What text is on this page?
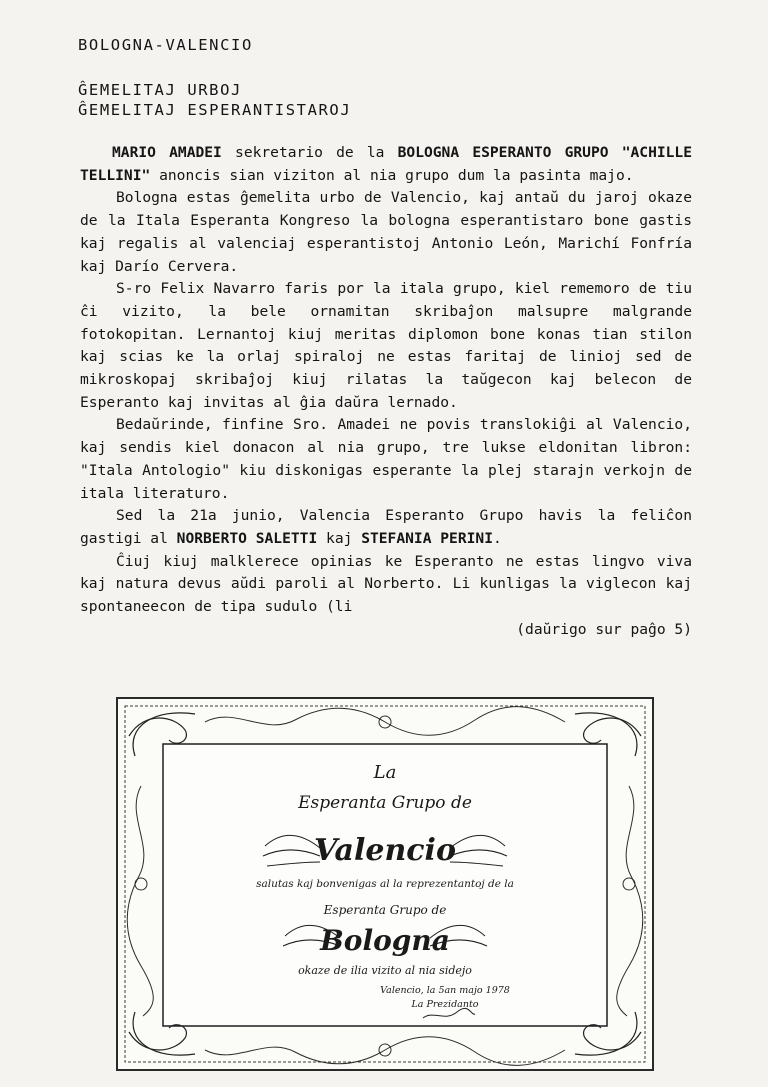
BOLOGNA-VALENCIO
ĜEMELITAJ URBOJ
ĜEMELITAJ ESPERANTISTAROJ

MARIO AMADEI sekretario de la BOLOGNA ESPERANTO GRUPO "ACHILLE TELLINI" anoncis sian viziton al nia grupo dum la pasinta majo.

Bologna estas ĝemelita urbo de Valencio, kaj antaŭ du jaroj okaze de la Itala Esperanta Kongreso la bologna esperantistaro bone gastis kaj regalis al valenciaj esperantistoj Antonio León, Marichí Fonfría kaj Darío Cervera.

S-ro Felix Navarro faris por la itala grupo, kiel rememoro de tiu ĉi vizito, la bele ornamitan skribaĵon malsupre malgrande fotokopitan. Lernantoj kiuj meritas diplomon bone konas tian stilon kaj scias ke la orlaj spiraloj ne estas faritaj de linioj sed de mikroskopaj skribaĵoj kiuj rilatas la taŭgecon kaj belecon de Esperanto kaj invitas al ĝia daŭra lernado.

Bedaŭrinde, finfine Sro. Amadei ne povis translokiĝi al Valencio, kaj sendis kiel donacon al nia grupo, tre lukse eldonitan libron: "Itala Antologio" kiu diskonigas esperante la plej starajn verkojn de itala literaturo.

Sed la 21a junio, Valencia Esperanto Grupo havis la feliĉon gastigi al NORBERTO SALETTI kaj STEFANIA PERINI.

Ĉiuj kiuj malklerece opinias ke Esperanto ne estas lingvo viva kaj natura devus aŭdi paroli al Norberto. Li kunligas la viglecon kaj spontaneecon de tipa sudulo (li

(daŭrigo sur paĝo 5)

La
Esperanta Grupo de
Valencio
salutas kaj bonvenigas al la reprezentantoj de la
Esperanta Grupo de
Bologna
okaze de ilia vizito al nia sidejo
Valencio, la 5an majo 1978
La Prezidanto
